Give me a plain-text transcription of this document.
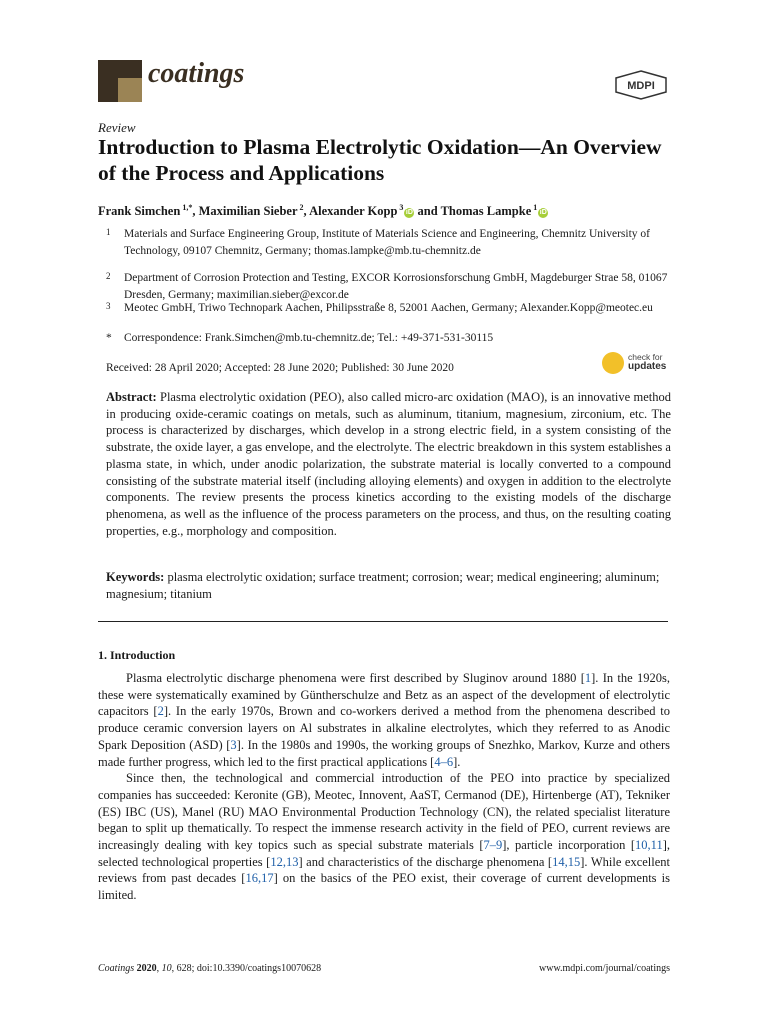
coatings	MDPI
Review
Introduction to Plasma Electrolytic Oxidation—An Overview of the Process and Applications
Frank Simchen $^{1,*}$, Maximilian Sieber $^2$, Alexander Kopp $^3$iD and Thomas Lampke $^1$iD
1 Materials and Surface Engineering Group, Institute of Materials Science and Engineering, Chemnitz University of Technology, 09107 Chemnitz, Germany; thomas.lampke@mb.tu-chemnitz.de
2 Department of Corrosion Protection and Testing, EXCOR Korrosionsforschung GmbH, Magdeburger Strae 58, 01067 Dresden, Germany; maximilian.sieber@excor.de
3 Meotec GmbH, Triwo Technopark Aachen, Philipsstraße 8, 52001 Aachen, Germany; Alexander.Kopp@meotec.eu
* Correspondence: Frank.Simchen@mb.tu-chemnitz.de; Tel.: +49-371-531-30115
Received: 28 April 2020; Accepted: 28 June 2020; Published: 30 June 2020
check for
updates
Abstract: Plasma electrolytic oxidation (PEO), also called micro-arc oxidation (MAO), is an innovative method in producing oxide-ceramic coatings on metals, such as aluminum, titanium, magnesium, zirconium, etc. The process is characterized by discharges, which develop in a strong electric field, in a system consisting of the substrate, the oxide layer, a gas envelope, and the electrolyte. The electric breakdown in this system establishes a plasma state, in which, under anodic polarization, the substrate material is locally converted to a compound consisting of the substrate material itself (including alloying elements) and oxygen in addition to the electrolyte components. The review presents the process kinetics according to the existing models of the discharge phenomena, as well as the influence of the process parameters on the process, and thus, on the resulting coating properties, e.g., morphology and composition.
Keywords: plasma electrolytic oxidation; surface treatment; corrosion; wear; medical engineering; aluminum; magnesium; titanium
1. Introduction

Plasma electrolytic discharge phenomena were first described by Sluginov around 1880 [1]. In the 1920s, these were systematically examined by Güntherschulze and Betz as an aspect of the development of electrolytic capacitors [2]. In the early 1970s, Brown and co-workers derived a method from the phenomena described to produce ceramic conversion layers on Al substrates in alkaline electrolytes, which they referred to as Anodic Spark Deposition (ASD) [3]. In the 1980s and 1990s, the working groups of Snezhko, Markov, Kurze and others made further progress, which led to the first practical applications [4–6].

Since then, the technological and commercial introduction of the PEO into practice by specialized companies has succeeded: Keronite (GB), Meotec, Innovent, AaST, Cermanod (DE), Hirtenberge (AT), Tekniker (ES) IBC (US), Manel (RU) MAO Environmental Production Technology (CN), the related specialist literature began to split up thematically. To respect the immense research activity in the field of PEO, current reviews are increasingly dealing with key topics such as special substrate materials [7–9], particle incorporation [10,11], selected technological properties [12,13] and characteristics of the discharge phenomena [14,15]. While excellent reviews from past decades [16,17] on the basics of the PEO exist, their coverage of current developments is limited.

Coatings 2020, 10, 628; doi:10.3390/coatings10070628	www.mdpi.com/journal/coatings
